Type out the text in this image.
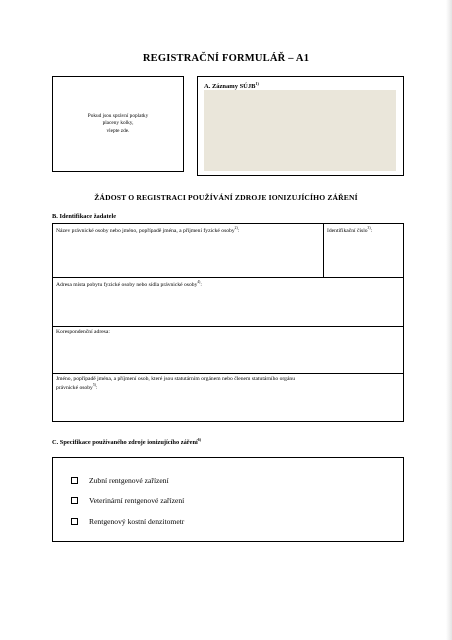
REGISTRAČNÍ FORMULÁŘ – A1
Pokud jsou správní poplatky
placeny kolky,
vlepte zde.
A. Záznamy SÚJB$^{1)}$
ŽÁDOST O REGISTRACI POUŽÍVÁNÍ ZDROJE IONIZUJÍCÍHO ZÁŘENÍ
B. Identifikace žadatele
Název právnické osoby nebo jméno, popřípadě jména, a příjmení fyzické osoby$^{2)}$:	Identifikační číslo$^{3)}$:
Adresa místa pobytu fyzické osoby nebo sídla právnické osoby$^{4)}$:
Korespondenční adresa:
Jméno, popřípadě jména, a příjmení osob, které jsou statutárním orgánem nebo členem statutárního orgánu
právnické osoby$^{5)}$:
C. Specifikace používaného zdroje ionizujícího záření$^{6)}$
Zubní rentgenové zařízení
Veterinární rentgenové zařízení
Rentgenový kostní denzitometr
